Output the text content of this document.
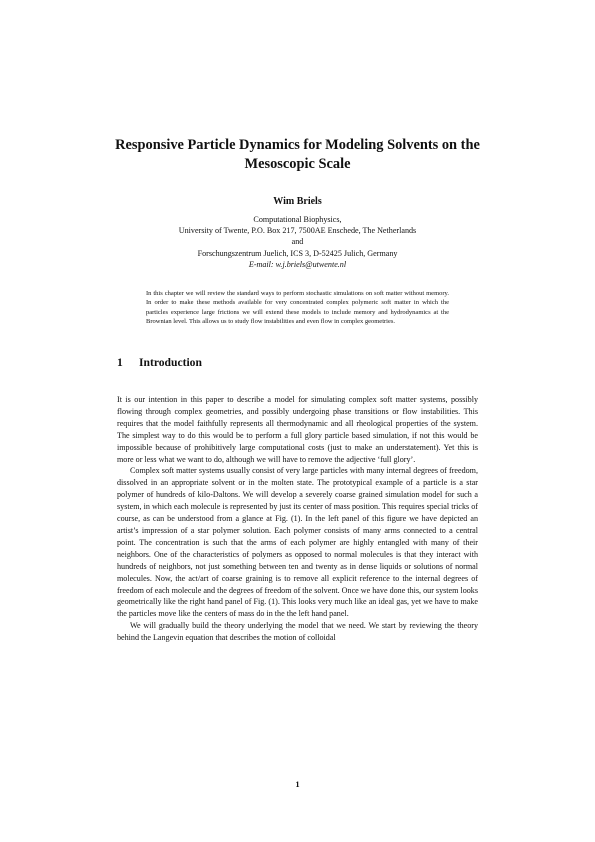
Responsive Particle Dynamics for Modeling Solvents on the Mesoscopic Scale
Wim Briels
Computational Biophysics,
University of Twente, P.O. Box 217, 7500AE Enschede, The Netherlands
and
Forschungszentrum Juelich, ICS 3, D-52425 Julich, Germany
E-mail: w.j.briels@utwente.nl
In this chapter we will review the standard ways to perform stochastic simulations on soft matter without memory. In order to make these methods available for very concentrated complex polymeric soft matter in which the particles experience large frictions we will extend these models to include memory and hydrodynamics at the Brownian level. This allows us to study flow instabilities and even flow in complex geometries.
1 Introduction

It is our intention in this paper to describe a model for simulating complex soft matter systems, possibly flowing through complex geometries, and possibly undergoing phase transitions or flow instabilities. This requires that the model faithfully represents all thermodynamic and all rheological properties of the system. The simplest way to do this would be to perform a full glory particle based simulation, if not this would be impossible because of prohibitively large computational costs (just to make an understatement). Yet this is more or less what we want to do, although we will have to remove the adjective ‘full glory’.

Complex soft matter systems usually consist of very large particles with many internal degrees of freedom, dissolved in an appropriate solvent or in the molten state. The prototypical example of a particle is a star polymer of hundreds of kilo-Daltons. We will develop a severely coarse grained simulation model for such a system, in which each molecule is represented by just its center of mass position. This requires special tricks of course, as can be understood from a glance at Fig. (1). In the left panel of this figure we have depicted an artist’s impression of a star polymer solution. Each polymer consists of many arms connected to a central point. The concentration is such that the arms of each polymer are highly entangled with many of their neighbors. One of the characteristics of polymers as opposed to normal molecules is that they interact with hundreds of neighbors, not just something between ten and twenty as in dense liquids or solutions of normal molecules. Now, the act/art of coarse graining is to remove all explicit reference to the internal degrees of freedom of each molecule and the degrees of freedom of the solvent. Once we have done this, our system looks geometrically like the right hand panel of Fig. (1). This looks very much like an ideal gas, yet we have to make the particles move like the centers of mass do in the the left hand panel.

We will gradually build the theory underlying the model that we need. We start by reviewing the theory behind the Langevin equation that describes the motion of colloidal

1
